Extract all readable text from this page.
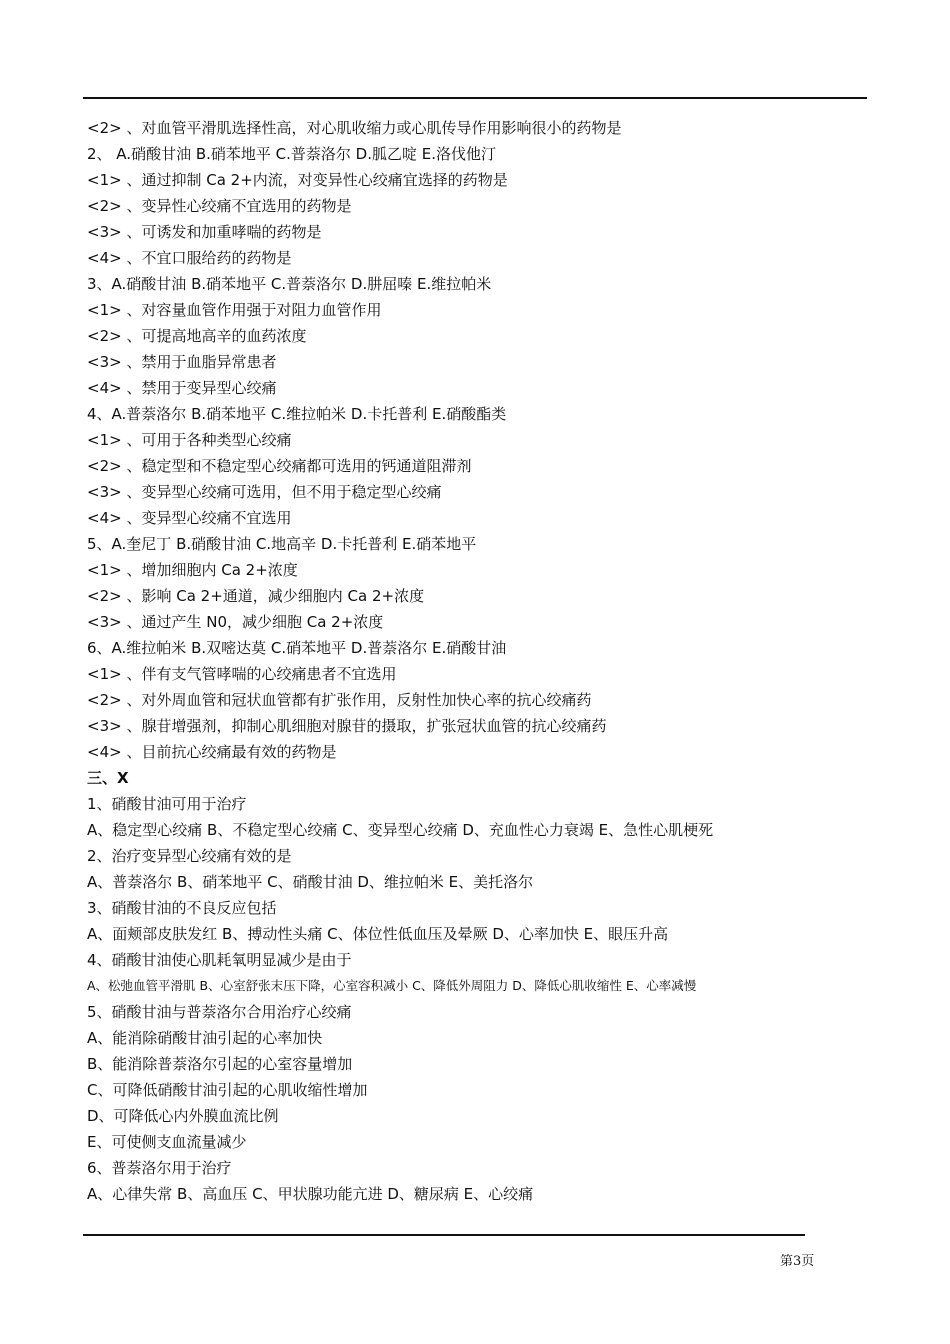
<2> 、对血管平滑肌选择性高，对心肌收缩力或心肌传导作用影响很小的药物是
2、 A.硝酸甘油 B.硝苯地平 C.普萘洛尔 D.胍乙啶 E.洛伐他汀
<1> 、通过抑制 Ca 2+内流，对变异性心绞痛宜选择的药物是
<2> 、变异性心绞痛不宜选用的药物是
<3> 、可诱发和加重哮喘的药物是
<4> 、不宜口服给药的药物是
3、A.硝酸甘油 B.硝苯地平 C.普萘洛尔 D.肼屈嗪 E.维拉帕米
<1> 、对容量血管作用强于对阻力血管作用
<2> 、可提高地高辛的血药浓度
<3> 、禁用于血脂异常患者
<4> 、禁用于变异型心绞痛
4、A.普萘洛尔 B.硝苯地平 C.维拉帕米 D.卡托普利 E.硝酸酯类
<1> 、可用于各种类型心绞痛
<2> 、稳定型和不稳定型心绞痛都可选用的钙通道阻滞剂
<3> 、变异型心绞痛可选用，但不用于稳定型心绞痛
<4> 、变异型心绞痛不宜选用
5、A.奎尼丁 B.硝酸甘油 C.地高辛 D.卡托普利 E.硝苯地平
<1> 、增加细胞内 Ca 2+浓度
<2> 、影响 Ca 2+通道，减少细胞内 Ca 2+浓度
<3> 、通过产生 N0，减少细胞 Ca 2+浓度
6、A.维拉帕米 B.双嘧达莫 C.硝苯地平 D.普萘洛尔 E.硝酸甘油
<1> 、伴有支气管哮喘的心绞痛患者不宜选用
<2> 、对外周血管和冠状血管都有扩张作用，反射性加快心率的抗心绞痛药
<3> 、腺苷增强剂，抑制心肌细胞对腺苷的摄取，扩张冠状血管的抗心绞痛药
<4> 、目前抗心绞痛最有效的药物是
三、X
1、硝酸甘油可用于治疗
A、稳定型心绞痛 B、不稳定型心绞痛 C、变异型心绞痛 D、充血性心力衰竭 E、急性心肌梗死
2、治疗变异型心绞痛有效的是
A、普萘洛尔 B、硝苯地平 C、硝酸甘油 D、维拉帕米 E、美托洛尔
3、硝酸甘油的不良反应包括
A、面颊部皮肤发红 B、搏动性头痛 C、体位性低血压及晕厥 D、心率加快 E、眼压升高
4、硝酸甘油使心肌耗氧明显减少是由于
A、松弛血管平滑肌 B、心室舒张末压下降，心室容积减小 C、降低外周阻力 D、降低心肌收缩性 E、心率减慢
5、硝酸甘油与普萘洛尔合用治疗心绞痛
A、能消除硝酸甘油引起的心率加快
B、能消除普萘洛尔引起的心室容量增加
C、可降低硝酸甘油引起的心肌收缩性增加
D、可降低心内外膜血流比例
E、可使侧支血流量减少
6、普萘洛尔用于治疗
A、心律失常 B、高血压 C、甲状腺功能亢进 D、糖尿病 E、心绞痛
第3页
